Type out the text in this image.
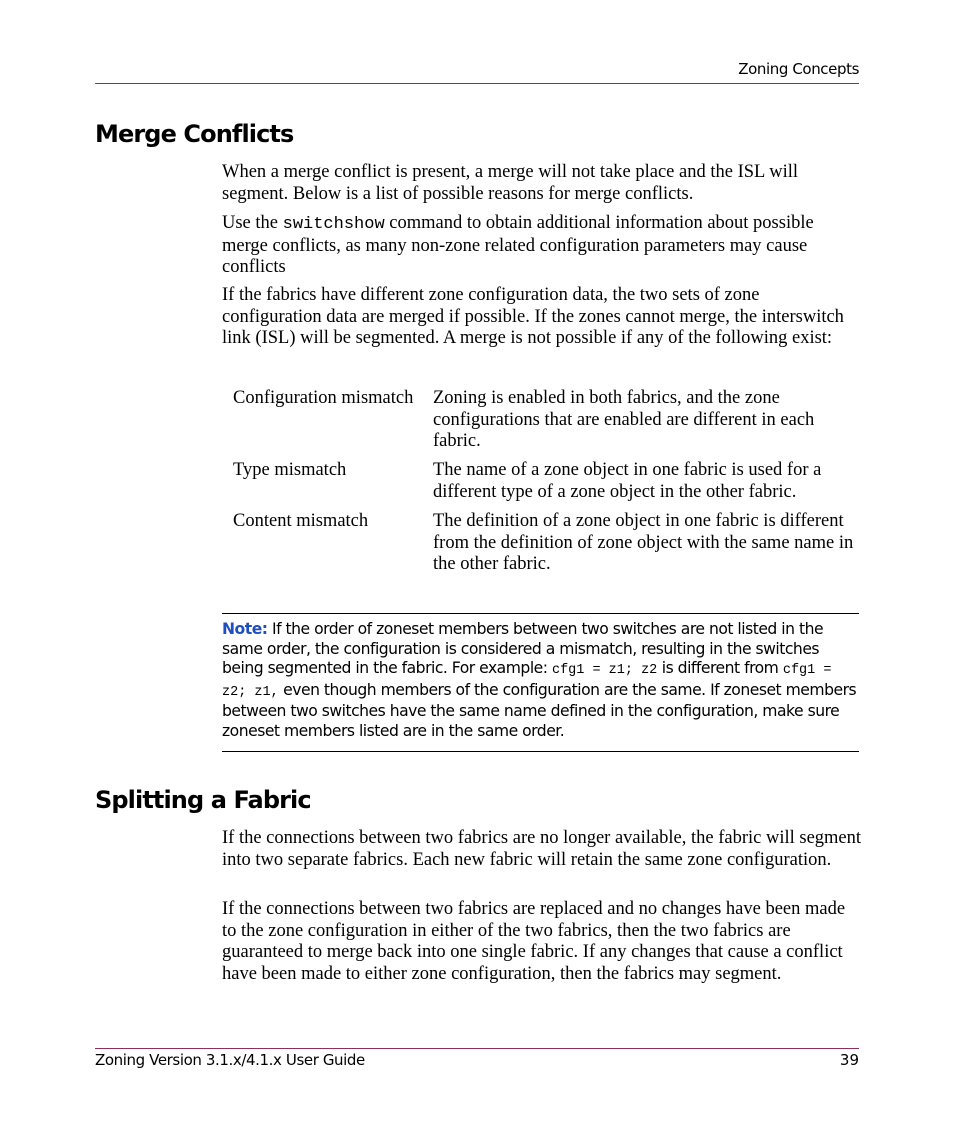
Zoning Concepts
Merge Conflicts

When a merge conflict is present, a merge will not take place and the ISL will segment. Below is a list of possible reasons for merge conflicts.

Use the switchshow command to obtain additional information about possible merge conflicts, as many non-zone related configuration parameters may cause conflicts

If the fabrics have different zone configuration data, the two sets of zone configuration data are merged if possible. If the zones cannot merge, the interswitch link (ISL) will be segmented. A merge is not possible if any of the following exist:

Configuration mismatch	Zoning is enabled in both fabrics, and the zone configurations that are enabled are different in each fabric.
Type mismatch	The name of a zone object in one fabric is used for a different type of a zone object in the other fabric.
Content mismatch	The definition of a zone object in one fabric is different from the definition of zone object with the same name in the other fabric.

Note: If the order of zoneset members between two switches are not listed in the same order, the configuration is considered a mismatch, resulting in the switches being segmented in the fabric. For example: cfg1 = z1; z2 is different from cfg1 = z2; z1, even though members of the configuration are the same. If zoneset members between two switches have the same name defined in the configuration, make sure zoneset members listed are in the same order.

Splitting a Fabric

If the connections between two fabrics are no longer available, the fabric will segment into two separate fabrics. Each new fabric will retain the same zone configuration.

If the connections between two fabrics are replaced and no changes have been made to the zone configuration in either of the two fabrics, then the two fabrics are guaranteed to merge back into one single fabric. If any changes that cause a conflict have been made to either zone configuration, then the fabrics may segment.

Zoning Version 3.1.x/4.1.x User Guide	39
